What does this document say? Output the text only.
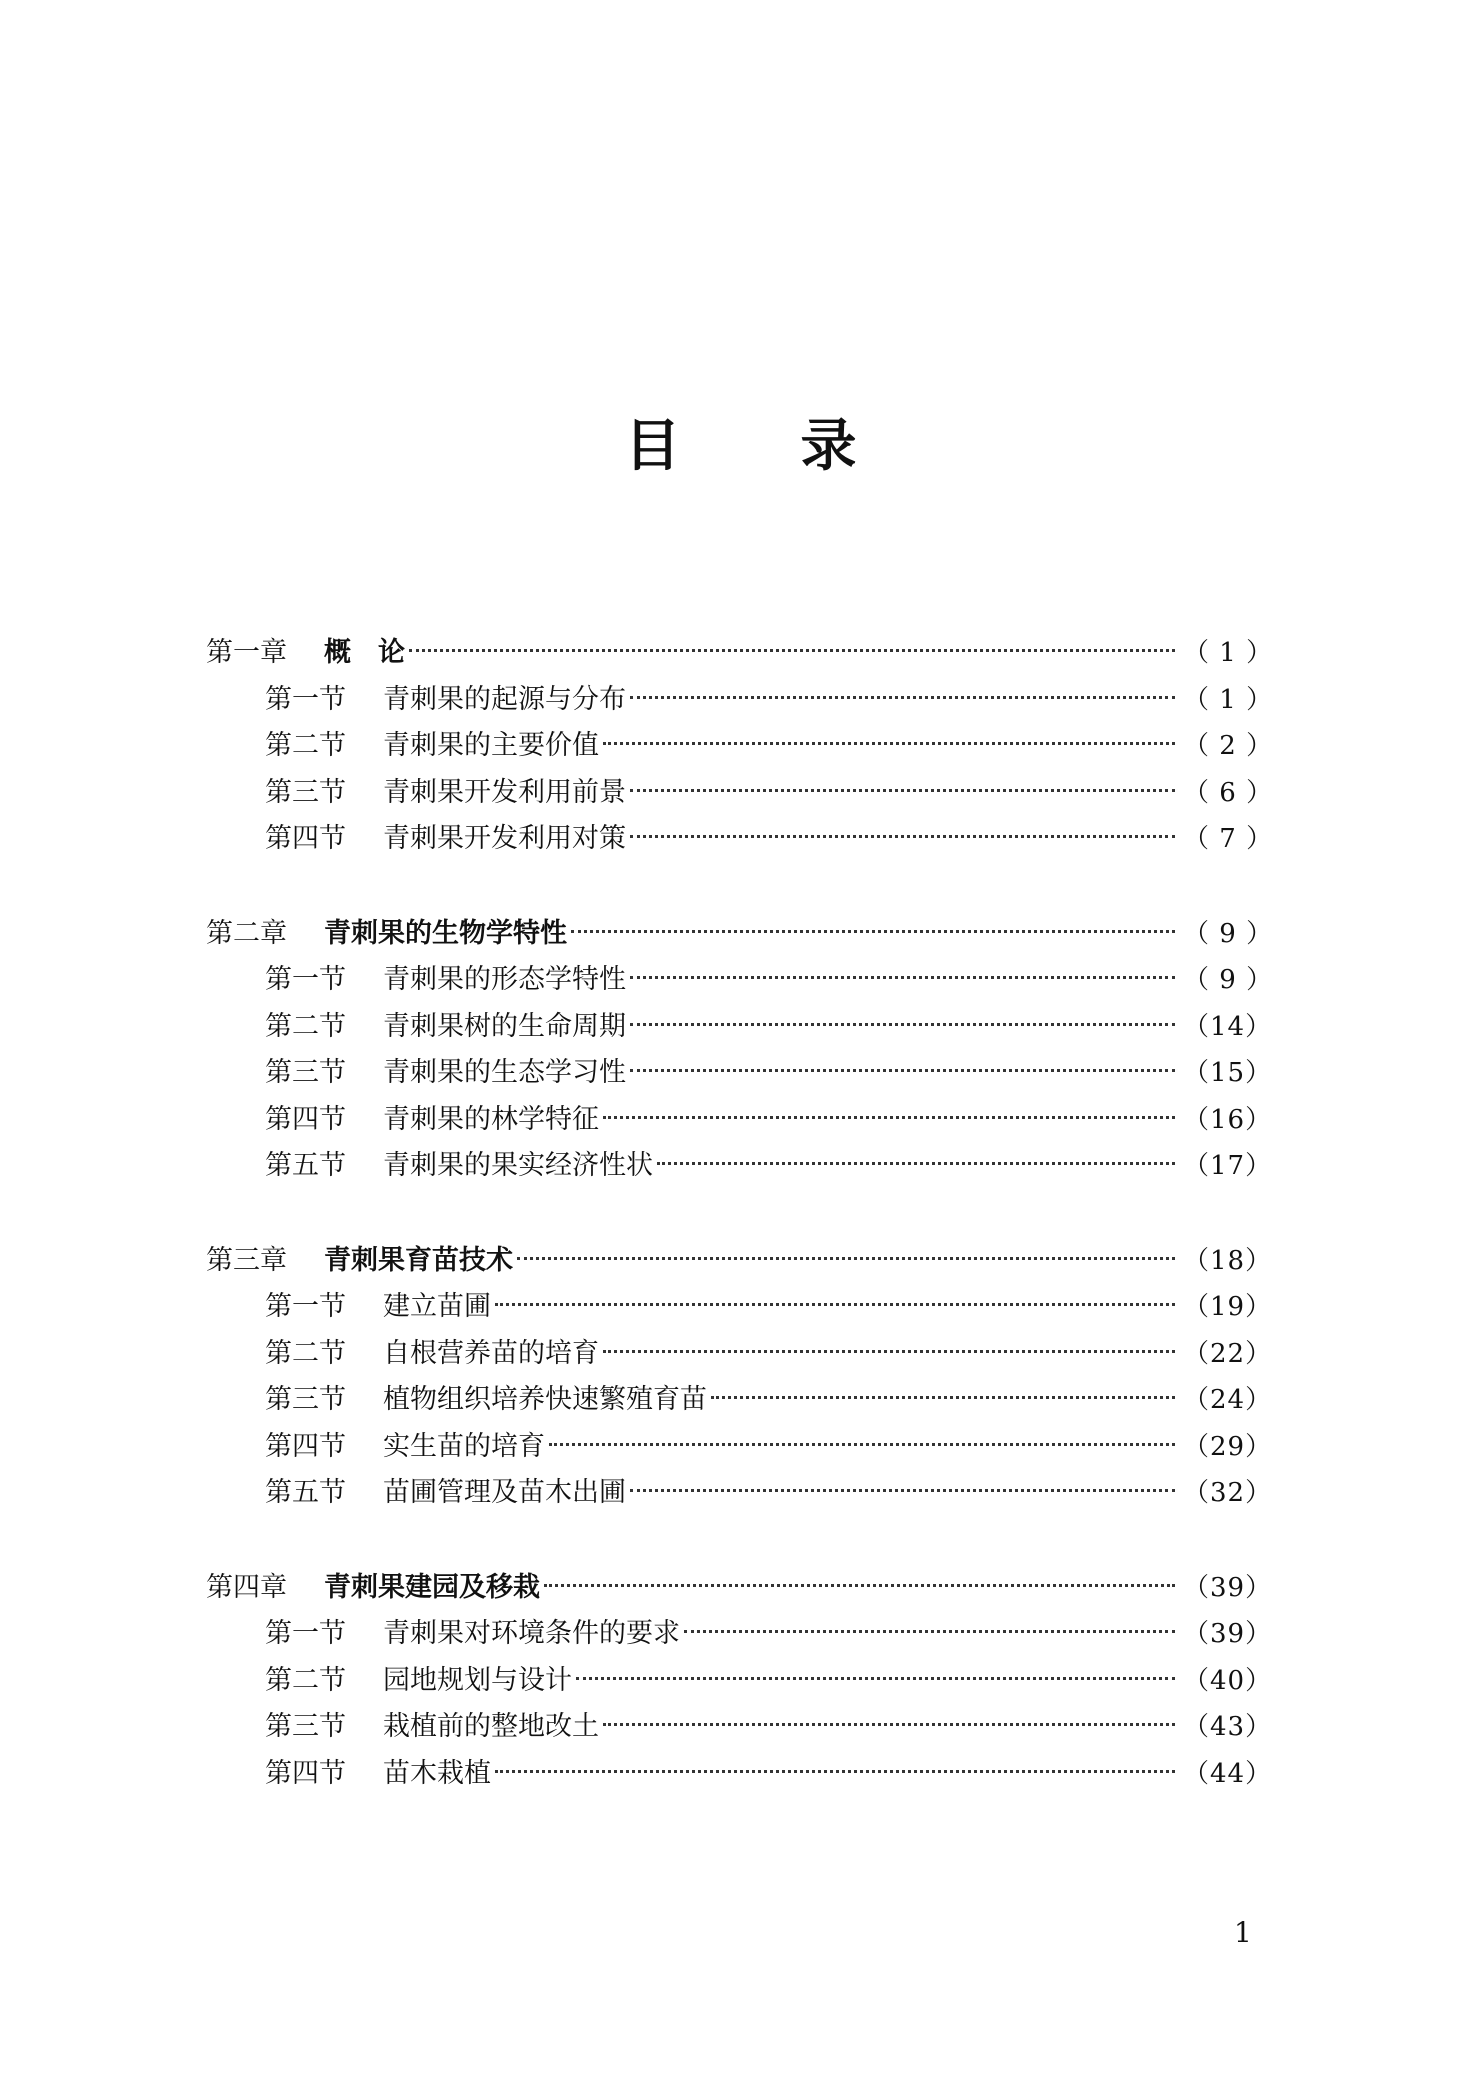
目 录
第一章 概　论	（ 1 ）
第一节 青刺果的起源与分布	（ 1 ）
第二节 青刺果的主要价值	（ 2 ）
第三节 青刺果开发利用前景	（ 6 ）
第四节 青刺果开发利用对策	（ 7 ）
第二章 青刺果的生物学特性	（ 9 ）
第一节 青刺果的形态学特性	（ 9 ）
第二节 青刺果树的生命周期	（14）
第三节 青刺果的生态学习性	（15）
第四节 青刺果的林学特征	（16）
第五节 青刺果的果实经济性状	（17）
第三章 青刺果育苗技术	（18）
第一节 建立苗圃	（19）
第二节 自根营养苗的培育	（22）
第三节 植物组织培养快速繁殖育苗	（24）
第四节 实生苗的培育	（29）
第五节 苗圃管理及苗木出圃	（32）
第四章 青刺果建园及移栽	（39）
第一节 青刺果对环境条件的要求	（39）
第二节 园地规划与设计	（40）
第三节 栽植前的整地改土	（43）
第四节 苗木栽植	（44）
1
